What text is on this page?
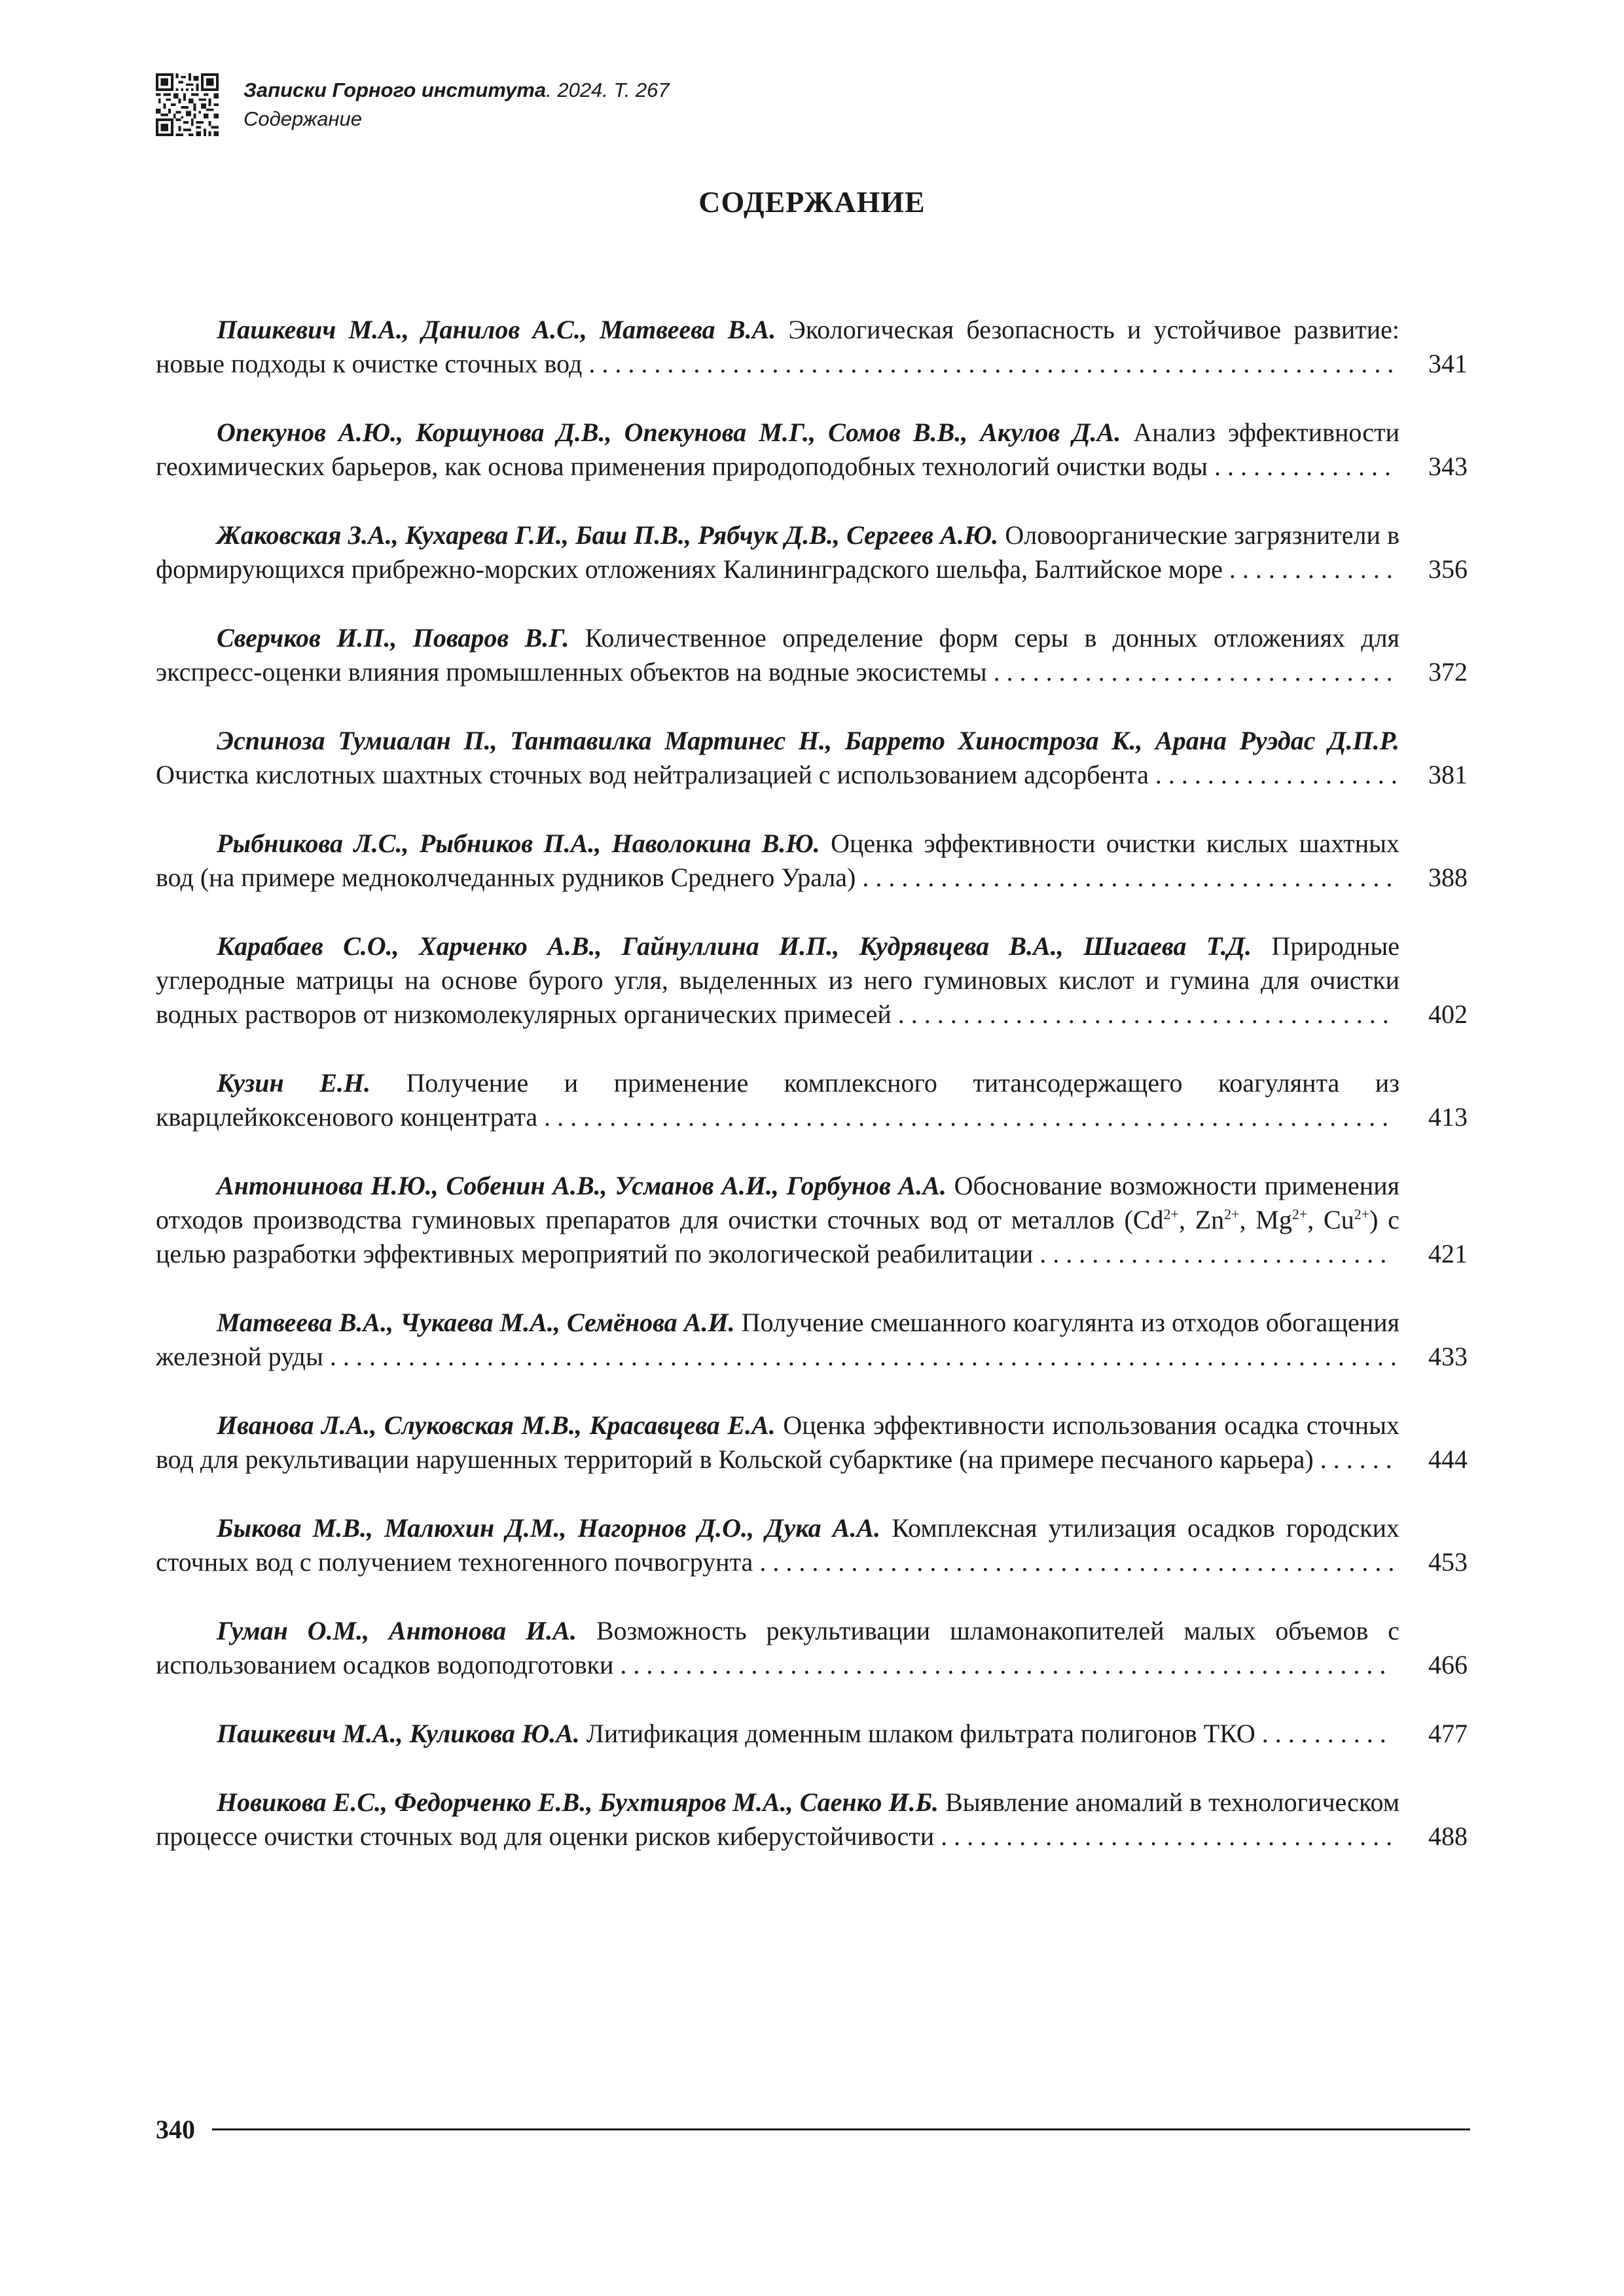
Записки Горного института. 2024. Т. 267
Содержание
СОДЕРЖАНИЕ
Пашкевич М.А., Данилов А.С., Матвеева В.А. Экологическая безопасность и устойчивое развитие: новые подходы к очистке сточных вод . . . . . . . . . . . . . . . . . . . . . . . . . . . . . . . . . . . . . . . . . . . . . . . . . . . . . . . . . . . . . .	341
Опекунов А.Ю., Коршунова Д.В., Опекунова М.Г., Сомов В.В., Акулов Д.А. Анализ эффективности геохимических барьеров, как основа применения природоподобных технологий очистки воды . . . . . . . . . . . . . .	343
Жаковская З.А., Кухарева Г.И., Баш П.В., Рябчук Д.В., Сергеев А.Ю. Оловоорганические загрязнители в формирующихся прибрежно-морских отложениях Калининградского шельфа, Балтийское море . . . . . . . . . . . . .	356
Сверчков И.П., Поваров В.Г. Количественное определение форм серы в донных отложениях для экспресс-оценки влияния промышленных объектов на водные экосистемы . . . . . . . . . . . . . . . . . . . . . . . . . . . . . . .	372
Эспиноза Тумиалан П., Тантавилка Мартинес Н., Баррето Хиностроза К., Арана Руэдас Д.П.Р. Очистка кислотных шахтных сточных вод нейтрализацией с использованием адсорбента . . . . . . . . . . . . . . . . . . .	381
Рыбникова Л.С., Рыбников П.А., Наволокина В.Ю. Оценка эффективности очистки кислых шахтных вод (на примере медноколчеданных рудников Среднего Урала) . . . . . . . . . . . . . . . . . . . . . . . . . . . . . . . . . . . . . . . . .	388
Карабаев С.О., Харченко А.В., Гайнуллина И.П., Кудрявцева В.А., Шигаева Т.Д. Природные углеродные матрицы на основе бурого угля, выделенных из него гуминовых кислот и гумина для очистки водных растворов от низкомолекулярных органических примесей . . . . . . . . . . . . . . . . . . . . . . . . . . . . . . . . . . . . . .	402
Кузин Е.Н. Получение и применение комплексного титансодержащего коагулянта из кварцлейкоксенового концентрата . . . . . . . . . . . . . . . . . . . . . . . . . . . . . . . . . . . . . . . . . . . . . . . . . . . . . . . . . . . . . . . . .	413
Антонинова Н.Ю., Собенин А.В., Усманов А.И., Горбунов А.А. Обоснование возможности применения отходов производства гуминовых препаратов для очистки сточных вод от металлов ($Cd^{2+}$, $Zn^{2+}$, $Mg^{2+}$, $Cu^{2+}$) с целью разработки эффективных мероприятий по экологической реабилитации . . . . . . . . . . . . . . . . . . . . . . . . . . .	421
Матвеева В.А., Чукаева М.А., Семёнова А.И. Получение смешанного коагулянта из отходов обогащения железной руды . . . . . . . . . . . . . . . . . . . . . . . . . . . . . . . . . . . . . . . . . . . . . . . . . . . . . . . . . . . . . . . . . . . . . . . . . . . . . . . . . .	433
Иванова Л.А., Слуковская М.В., Красавцева Е.А. Оценка эффективности использования осадка сточных вод для рекультивации нарушенных территорий в Кольской субарктике (на примере песчаного карьера) . . . . . .	444
Быкова М.В., Малюхин Д.М., Нагорнов Д.О., Дука А.А. Комплексная утилизация осадков городских сточных вод с получением техногенного почвогрунта . . . . . . . . . . . . . . . . . . . . . . . . . . . . . . . . . . . . . . . . . . . . . . . . .	453
Гуман О.М., Антонова И.А. Возможность рекультивации шламонакопителей малых объемов с использованием осадков водоподготовки . . . . . . . . . . . . . . . . . . . . . . . . . . . . . . . . . . . . . . . . . . . . . . . . . . . . . . . . . . .	466
Пашкевич М.А., Куликова Ю.А. Литификация доменным шлаком фильтрата полигонов ТКО . . . . . . . . . .	477
Новикова Е.С., Федорченко Е.В., Бухтияров М.А., Саенко И.Б. Выявление аномалий в технологическом процессе очистки сточных вод для оценки рисков киберустойчивости . . . . . . . . . . . . . . . . . . . . . . . . . . . . . . . . . . .	488
340
